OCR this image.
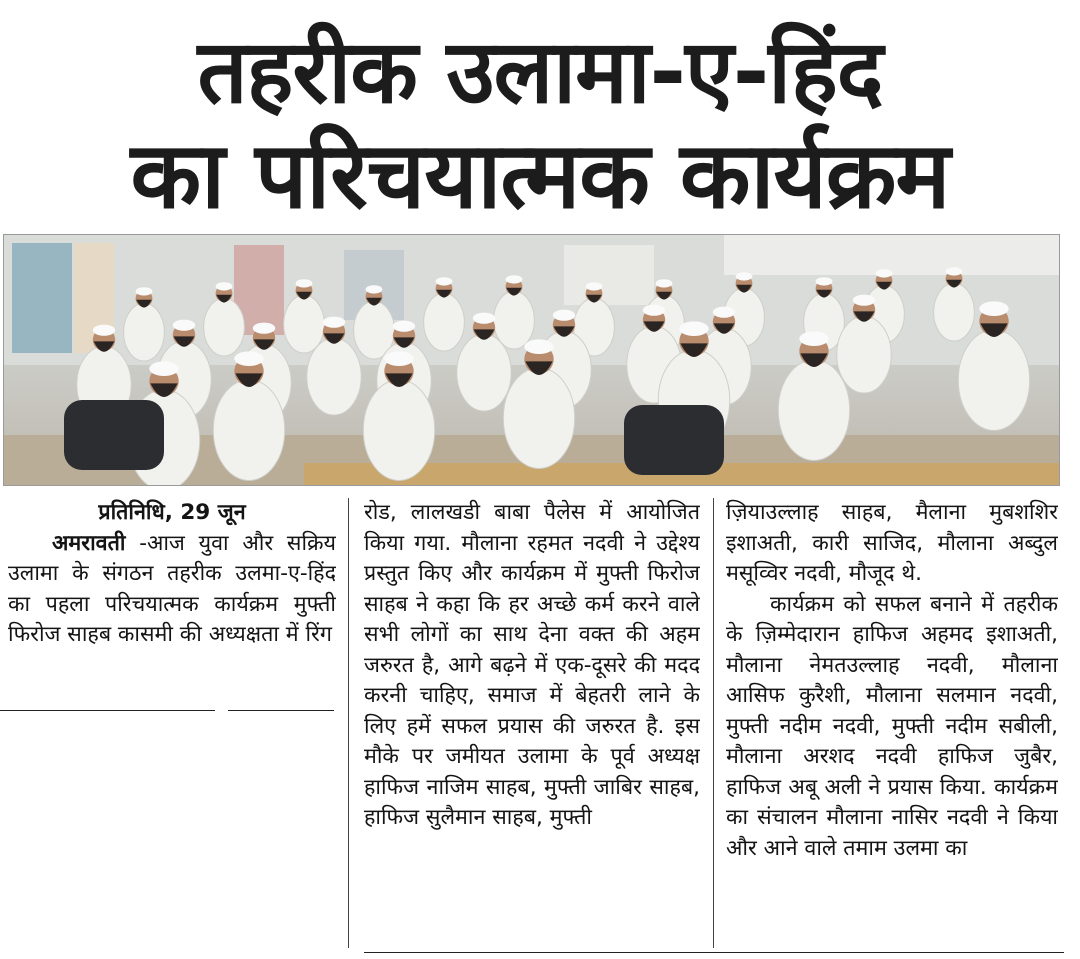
तहरीक उलामा-ए-हिंद
का परिचयात्मक कार्यक्रम

प्रतिनिधि, 29 जून

अमरावती -आज युवा और सक्रिय उलामा के संगठन तहरीक उलमा-ए-हिंद का पहला परिचयात्मक कार्यक्रम मुफ्ती फिरोज साहब कासमी की अध्यक्षता में रिंग

रोड, लालखडी बाबा पैलेस में आयोजित किया गया. मौलाना रहमत नदवी ने उद्देश्य प्रस्तुत किए और कार्यक्रम में मुफ्ती फिरोज साहब ने कहा कि हर अच्छे कर्म करने वाले सभी लोगों का साथ देना वक्त की अहम जरुरत है, आगे बढ़ने में एक-दूसरे की मदद करनी चाहिए, समाज में बेहतरी लाने के लिए हमें सफल प्रयास की जरुरत है. इस मौके पर जमीयत उलामा के पूर्व अध्यक्ष हाफिज नाजिम साहब, मुफ्ती जाबिर साहब, हाफिज सुलैमान साहब, मुफ्ती

ज़ियाउल्लाह साहब, मैलाना मुबशशिर इशाअती, कारी साजिद, मौलाना अब्दुल मसूव्विर नदवी, मौजूद थे.

कार्यक्रम को सफल बनाने में तहरीक के ज़िम्मेदारान हाफिज अहमद इशाअती, मौलाना नेमतउल्लाह नदवी, मौलाना आसिफ कुरैशी, मौलाना सलमान नदवी, मुफ्ती नदीम नदवी, मुफ्ती नदीम सबीली, मौलाना अरशद नदवी हाफिज जुबैर, हाफिज अबू अली ने प्रयास किया. कार्यक्रम का संचालन मौलाना नासिर नदवी ने किया और आने वाले तमाम उलमा का
